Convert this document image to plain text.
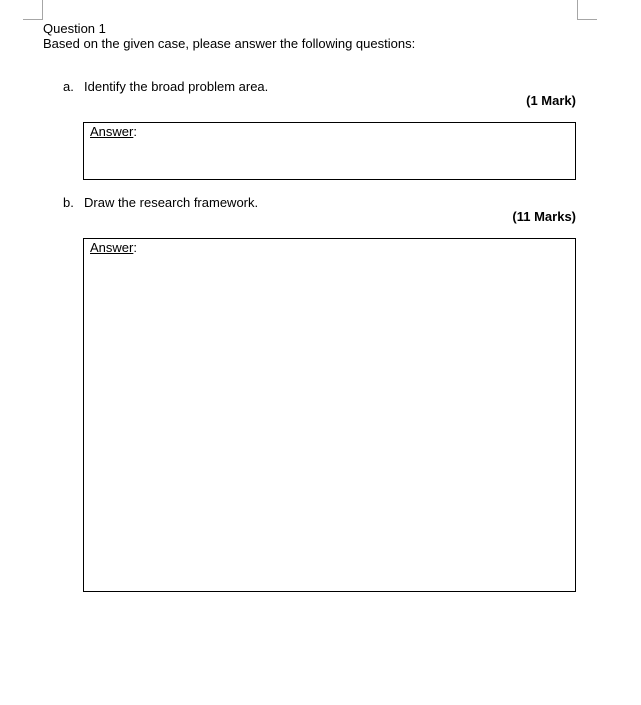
Question 1
Based on the given case, please answer the following questions:
a. Identify the broad problem area.
(1 Mark)
Answer:
b. Draw the research framework.
(11 Marks)
Answer:
